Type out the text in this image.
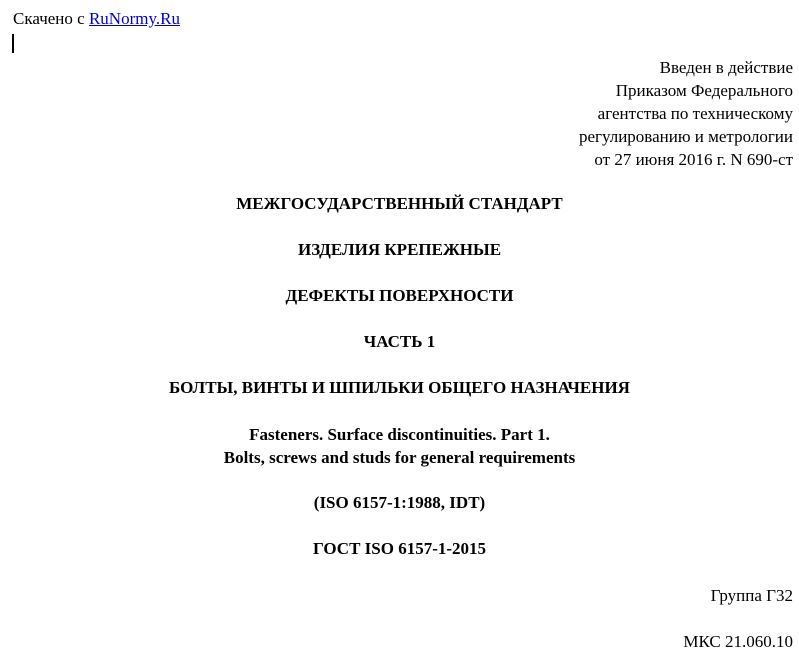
Скачено с RuNormy.Ru
Введен в действие
Приказом Федерального
агентства по техническому
регулированию и метрологии
от 27 июня 2016 г. N 690-ст
МЕЖГОСУДАРСТВЕННЫЙ СТАНДАРТ
ИЗДЕЛИЯ КРЕПЕЖНЫЕ
ДЕФЕКТЫ ПОВЕРХНОСТИ
ЧАСТЬ 1
БОЛТЫ, ВИНТЫ И ШПИЛЬКИ ОБЩЕГО НАЗНАЧЕНИЯ
Fasteners. Surface discontinuities. Part 1.
Bolts, screws and studs for general requirements
(ISO 6157-1:1988, IDT)
ГОСТ ISO 6157-1-2015
Группа Г32
МКС 21.060.10
